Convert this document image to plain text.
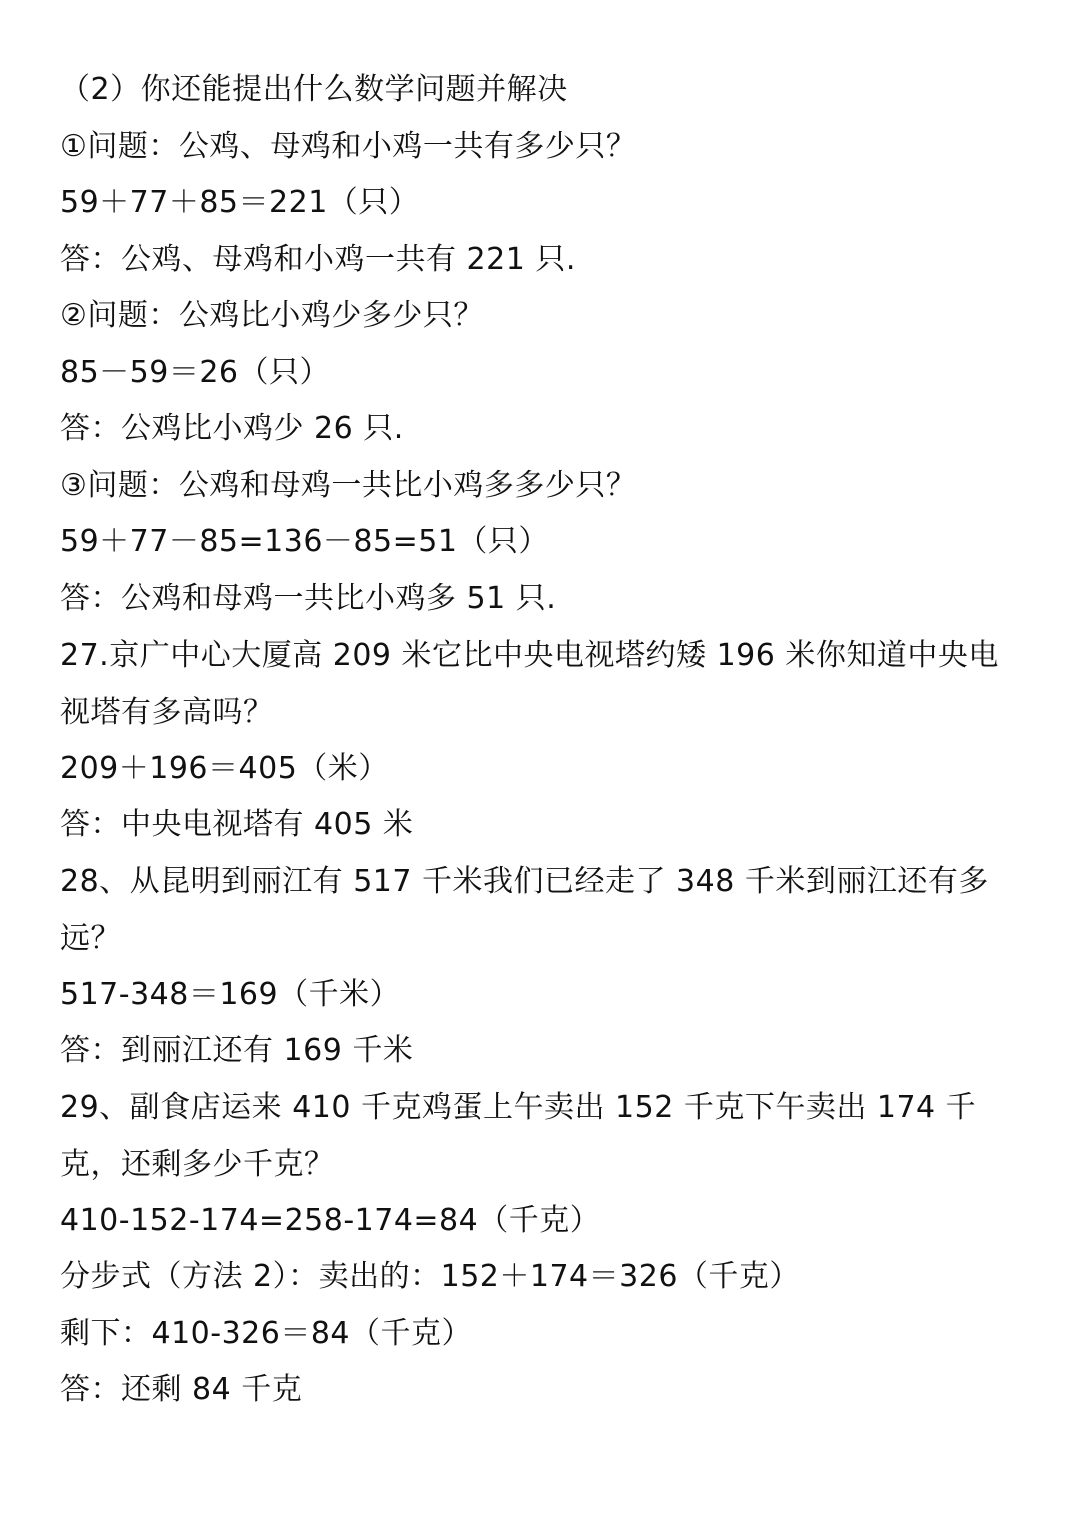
（2）你还能提出什么数学问题并解决
①问题：公鸡、母鸡和小鸡一共有多少只？
59＋77＋85＝221（只）
答：公鸡、母鸡和小鸡一共有 221 只.
②问题：公鸡比小鸡少多少只？
85－59＝26（只）
答：公鸡比小鸡少 26 只.
③问题：公鸡和母鸡一共比小鸡多多少只？
59＋77－85=136－85=51（只）
答：公鸡和母鸡一共比小鸡多 51 只.
27.京广中心大厦高 209 米它比中央电视塔约矮 196 米你知道中央电视塔有多高吗？
209＋196＝405（米）
答：中央电视塔有 405 米
28、从昆明到丽江有 517 千米我们已经走了 348 千米到丽江还有多远？
517-348＝169（千米）
答：到丽江还有 169 千米
29、副食店运来 410 千克鸡蛋上午卖出 152 千克下午卖出 174 千克，还剩多少千克？
410-152-174=258-174=84（千克）
分步式（方法 2）：卖出的：152＋174＝326（千克）
剩下：410-326＝84（千克）
答：还剩 84 千克
